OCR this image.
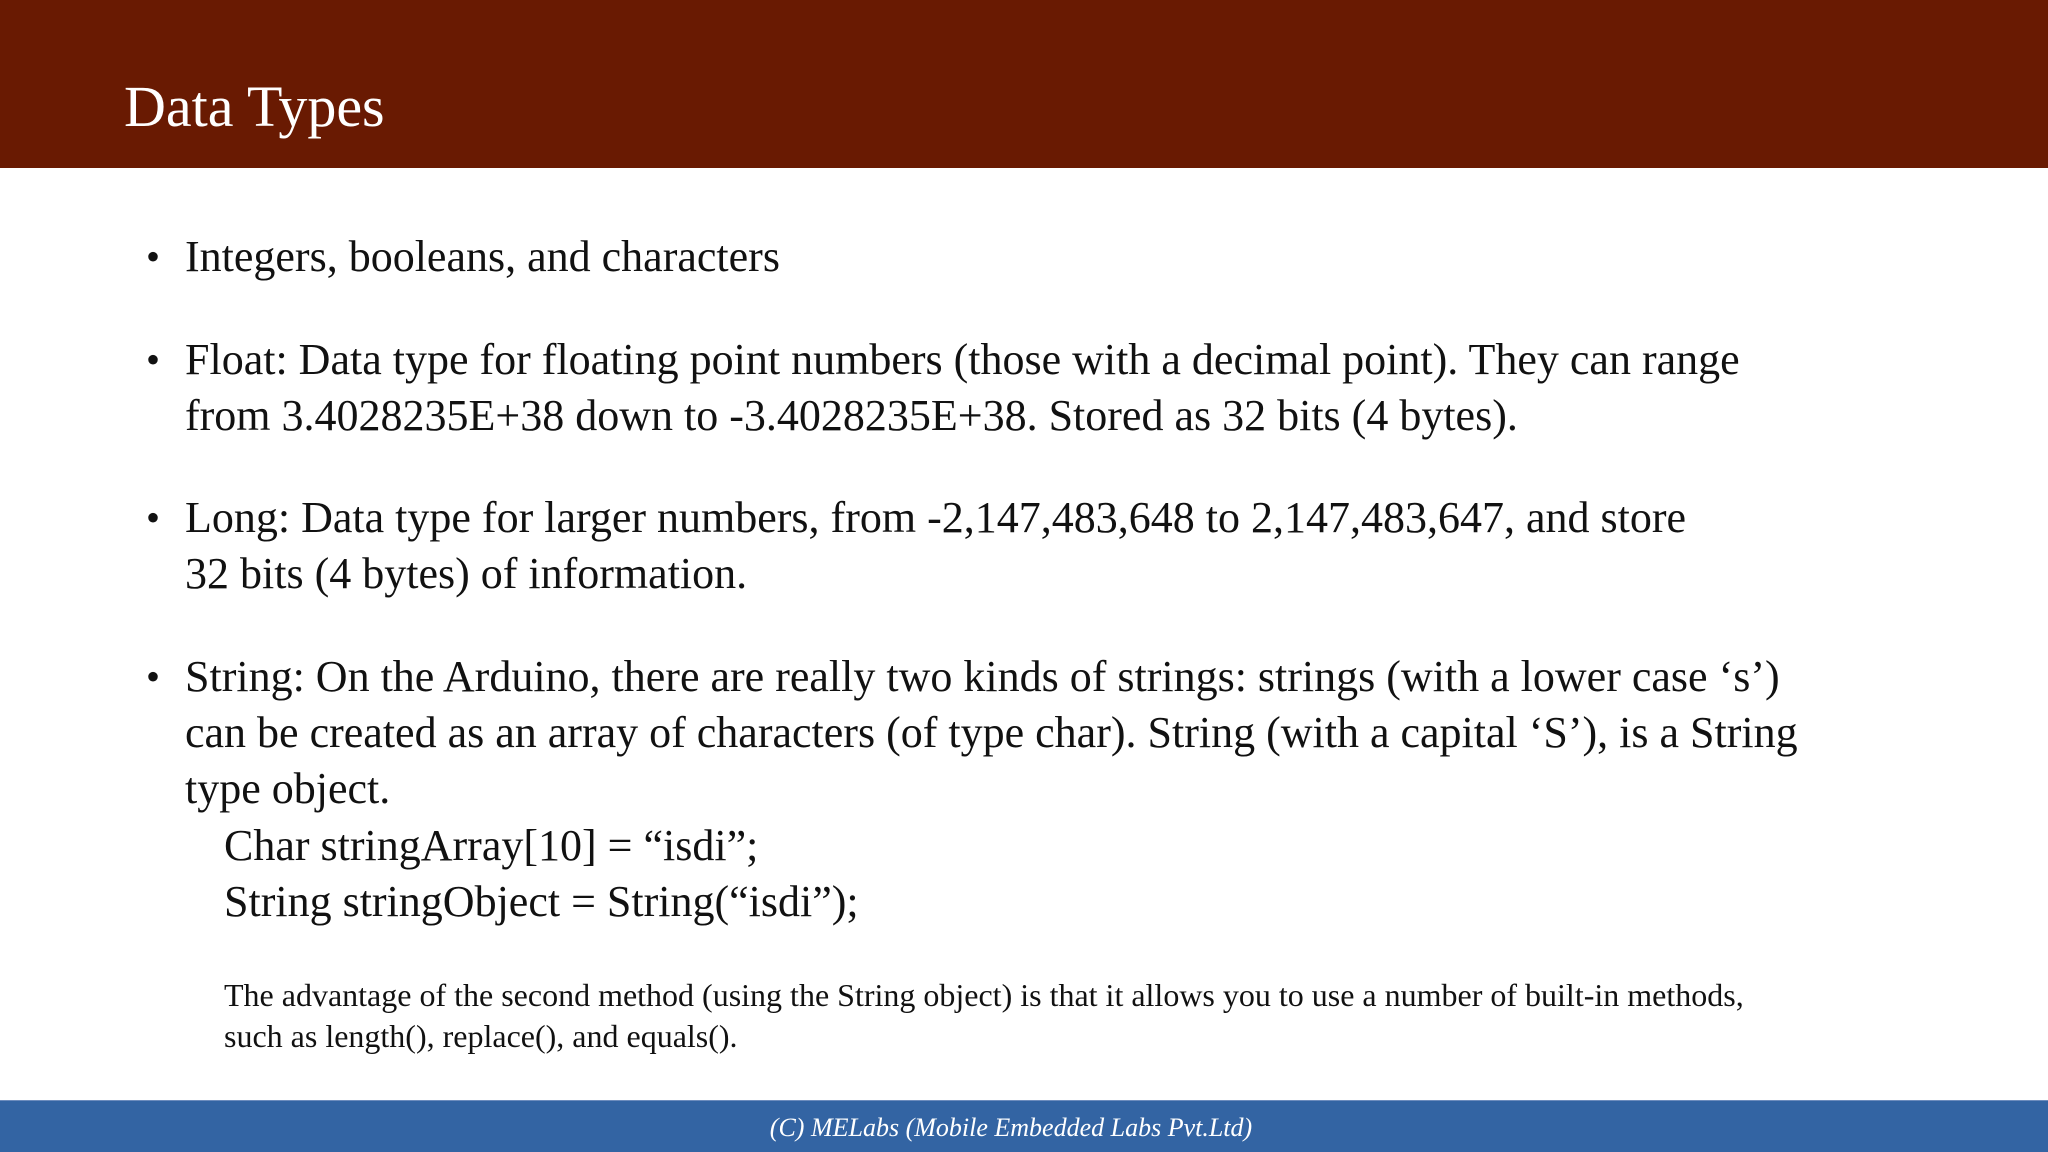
Data Types
• Integers, booleans, and characters
• Float: Data type for floating point numbers (those with a decimal point). They can range
from 3.4028235E+38 down to -3.4028235E+38. Stored as 32 bits (4 bytes).
• Long: Data type for larger numbers, from -2,147,483,648 to 2,147,483,647, and store
32 bits (4 bytes) of information.
• String: On the Arduino, there are really two kinds of strings: strings (with a lower case ‘s’)
can be created as an array of characters (of type char). String (with a capital ‘S’), is a String
type object.
Char stringArray[10] = “isdi”;
String stringObject = String(“isdi”);
The advantage of the second method (using the String object) is that it allows you to use a number of built-in methods,
such as length(), replace(), and equals().
(C) MELabs (Mobile Embedded Labs Pvt.Ltd)
